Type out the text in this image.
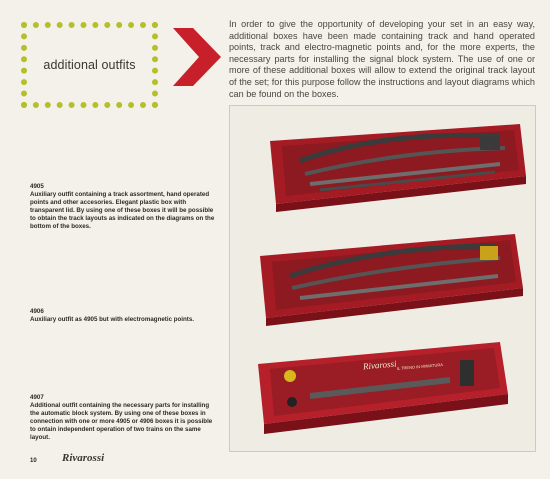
additional outfits
In order to give the opportunity of developing your set in an easy way, additional boxes have been made containing track and hand operated points, track and electro-magnetic points and, for the more experts, the necessary parts for installing the signal block system. The use of one or more of these additional boxes will allow to extend the original track layout of the set; for this purpose follow the instructions and layout diagrams which can be found on the boxes.
Rivarossi IL TRENO IN MINIATURA
4905
Auxiliary outfit containing a track assortment, hand operated points and other accesories. Elegant plastic box with transparent lid. By using one of these boxes it will be possible to obtain the track layouts as indicated on the diagrams on the bottom of the boxes.
4906
Auxiliary outfit as 4905 but with electromagnetic points.
4907
Additional outfit containing the necessary parts for installing the automatic block system. By using one of these boxes in connection with one or more 4905 or 4906 boxes it is possible to ontain independent operation of two trains on the same layout.
10 Rivarossi
